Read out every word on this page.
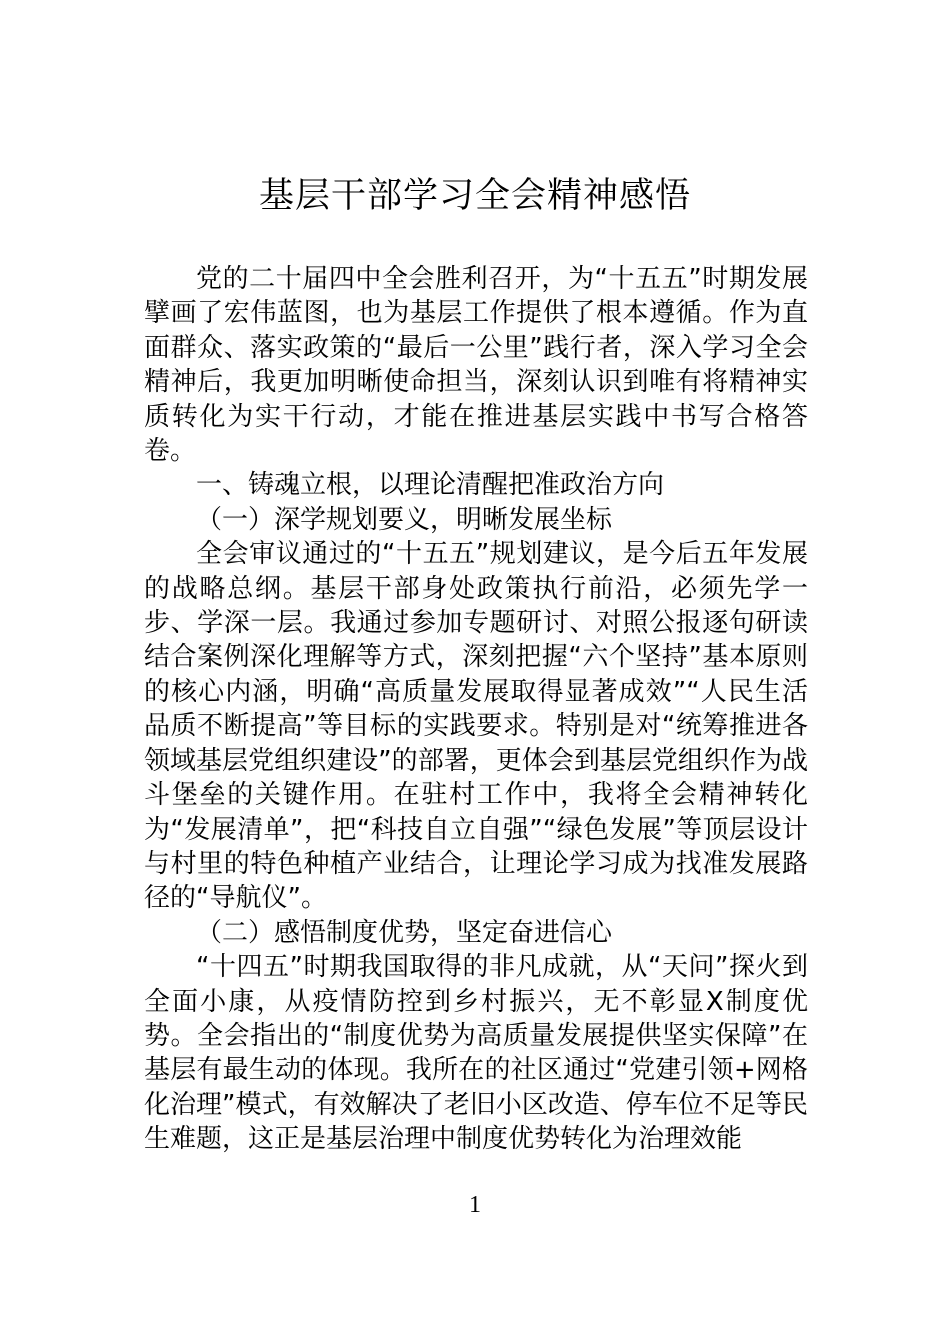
基层干部学习全会精神感悟

党的二十届四中全会胜利召开，为“十五五”时期发展擘画了宏伟蓝图，也为基层工作提供了根本遵循。作为直面群众、落实政策的“最后一公里”践行者，深入学习全会精神后，我更加明晰使命担当，深刻认识到唯有将精神实质转化为实干行动，才能在推进基层实践中书写合格答卷。

一、铸魂立根，以理论清醒把准政治方向

（一）深学规划要义，明晰发展坐标

全会审议通过的“十五五”规划建议，是今后五年发展的战略总纲。基层干部身处政策执行前沿，必须先学一步、学深一层。我通过参加专题研讨、对照公报逐句研读结合案例深化理解等方式，深刻把握“六个坚持”基本原则的核心内涵，明确“高质量发展取得显著成效”“人民生活品质不断提高”等目标的实践要求。特别是对“统筹推进各领域基层党组织建设”的部署，更体会到基层党组织作为战斗堡垒的关键作用。在驻村工作中，我将全会精神转化为“发展清单”，把“科技自立自强”“绿色发展”等顶层设计与村里的特色种植产业结合，让理论学习成为找准发展路径的“导航仪”。

（二）感悟制度优势，坚定奋进信心

“十四五”时期我国取得的非凡成就，从“天问”探火到全面小康，从疫情防控到乡村振兴，无不彰显X制度优势。全会指出的“制度优势为高质量发展提供坚实保障”在基层有最生动的体现。我所在的社区通过“党建引领+网格化治理”模式，有效解决了老旧小区改造、停车位不足等民生难题，这正是基层治理中制度优势转化为治理效能

1
